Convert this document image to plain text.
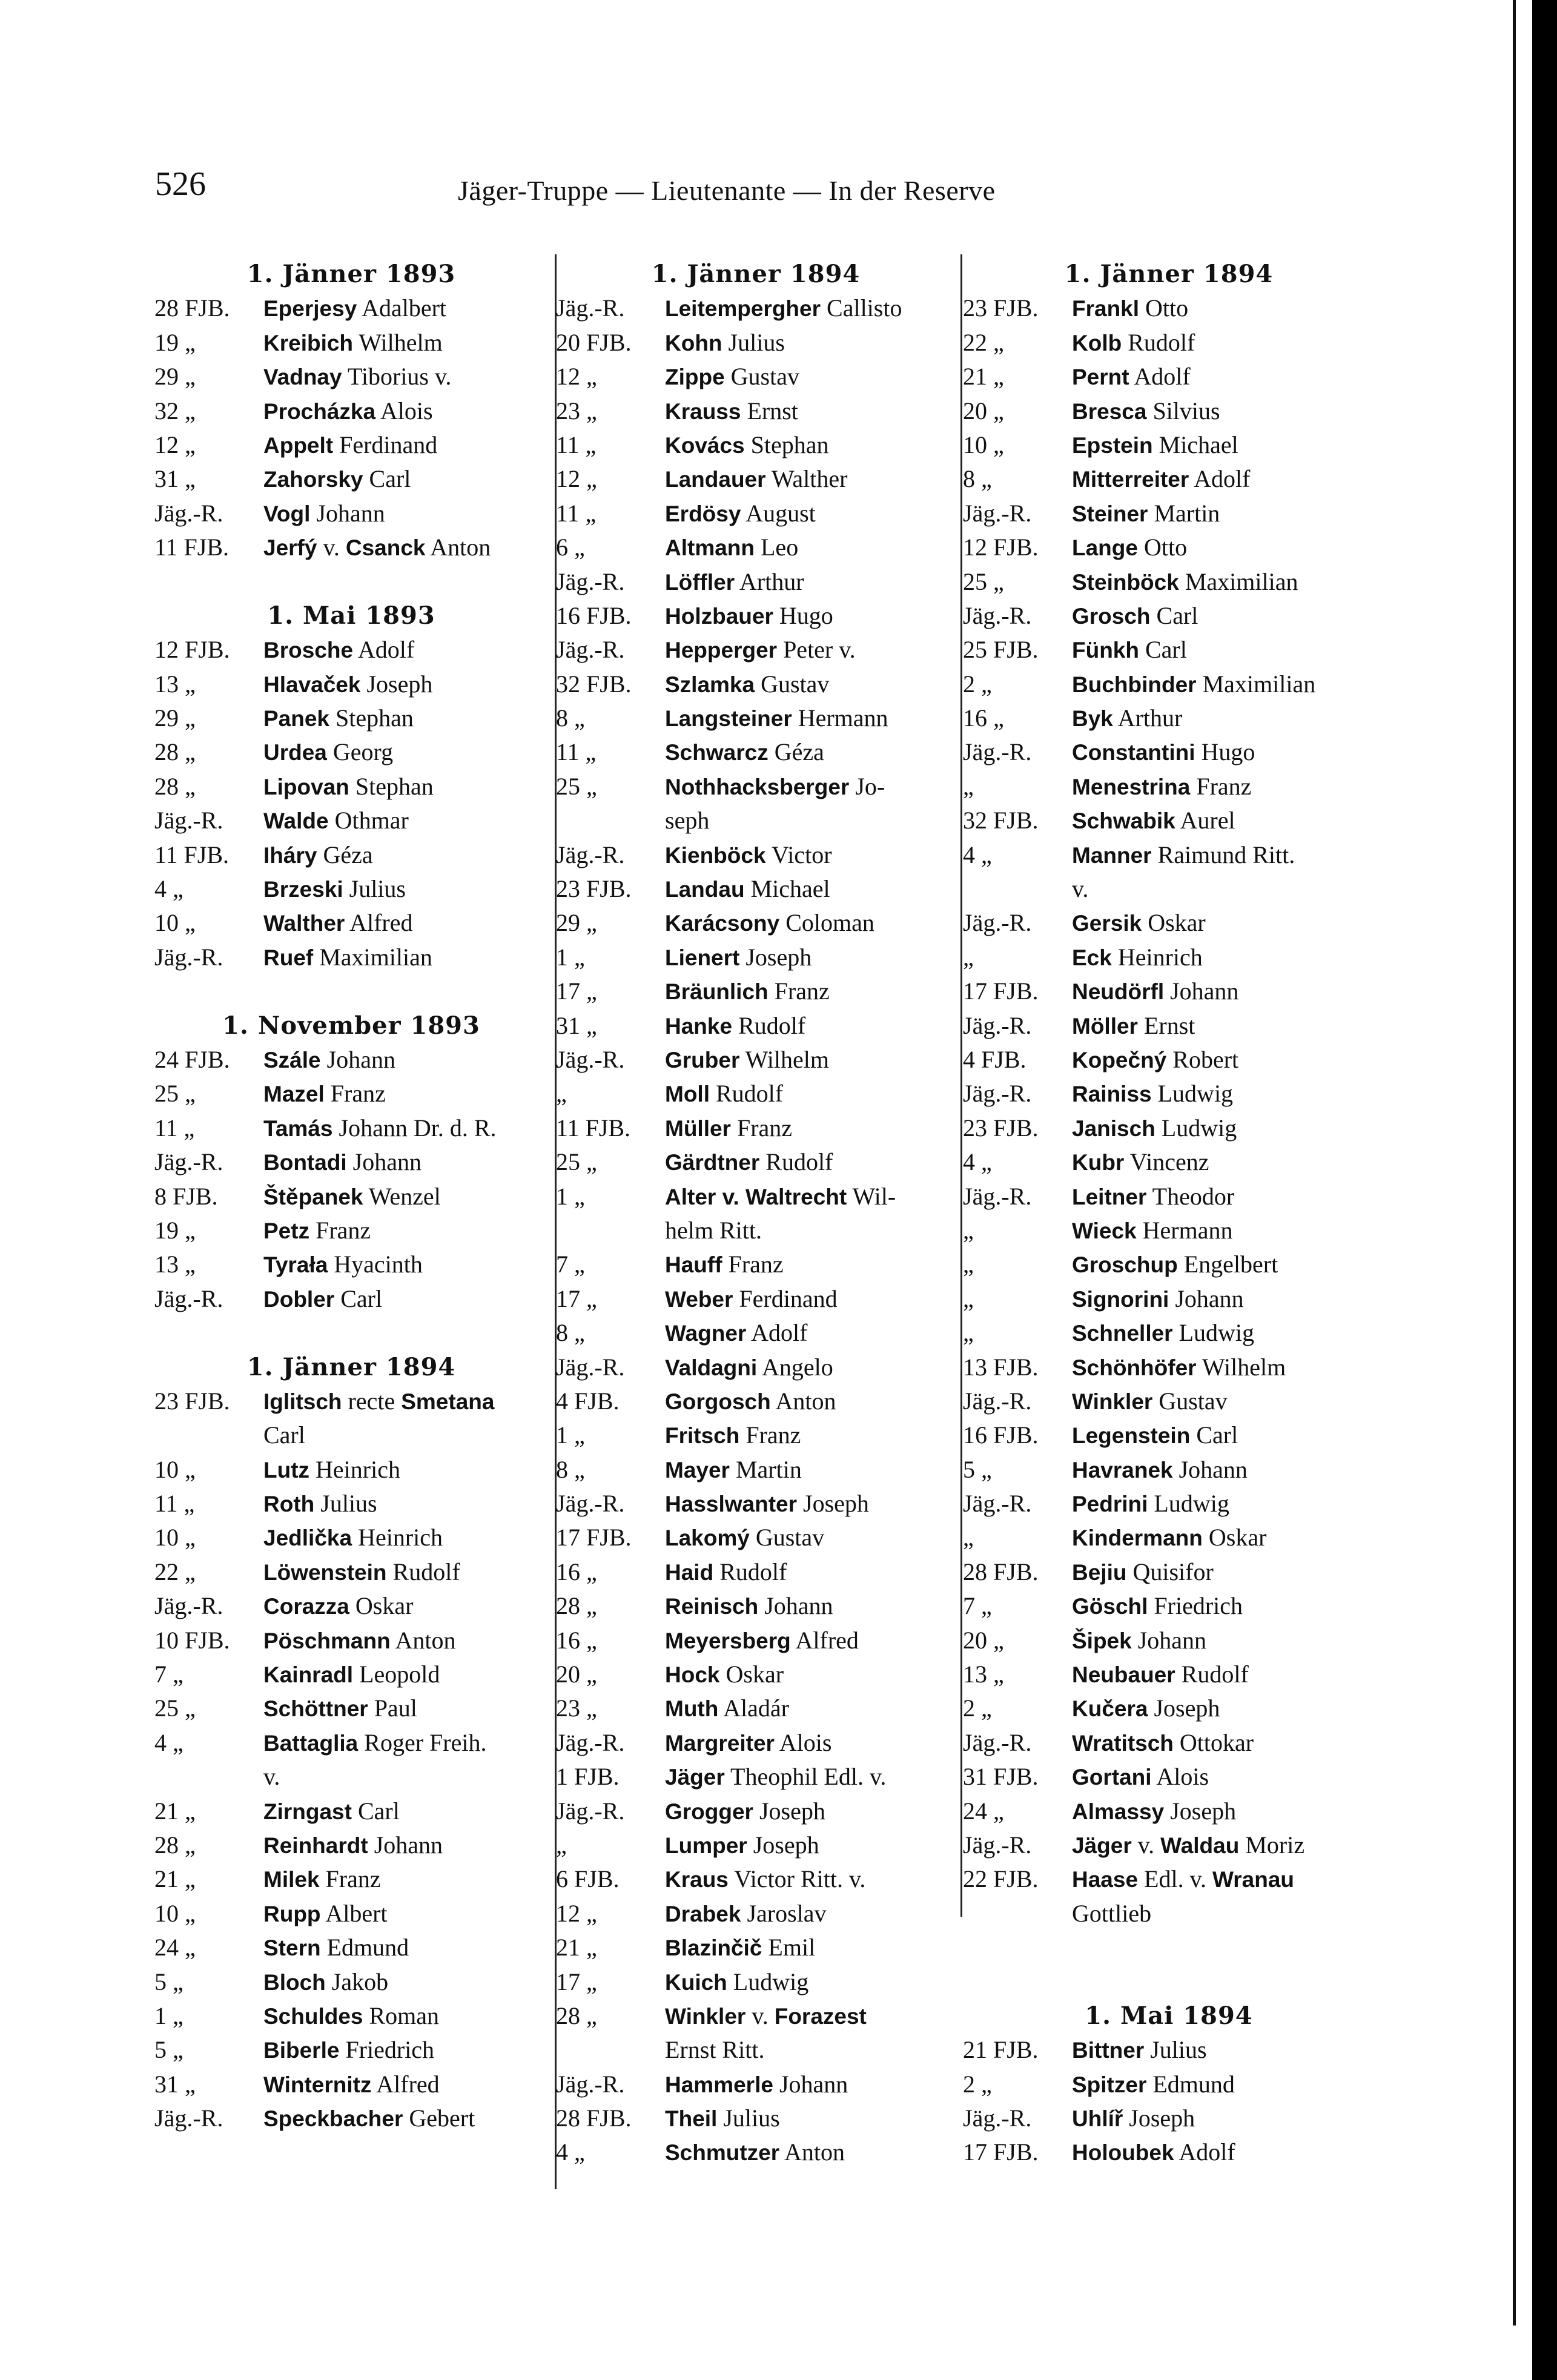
526	Jäger-Truppe — Lieutenante — In der Reserve
1. Jänner 1893
28 FJB.	Eperjesy Adalbert
19 „	Kreibich Wilhelm
29 „	Vadnay Tiborius v.
32 „	Procházka Alois
12 „	Appelt Ferdinand
31 „	Zahorsky Carl
Jäg.-R.	Vogl Johann
11 FJB.	Jerfý v. Csanck Anton
1. Mai 1893
12 FJB.	Brosche Adolf
13 „	Hlavaček Joseph
29 „	Panek Stephan
28 „	Urdea Georg
28 „	Lipovan Stephan
Jäg.-R.	Walde Othmar
11 FJB.	Iháry Géza
4 „	Brzeski Julius
10 „	Walther Alfred
Jäg.-R.	Ruef Maximilian
1. November 1893
24 FJB.	Szále Johann
25 „	Mazel Franz
11 „	Tamás Johann Dr. d. R.
Jäg.-R.	Bontadi Johann
8 FJB.	Štěpanek Wenzel
19 „	Petz Franz
13 „	Tyrała Hyacinth
Jäg.-R.	Dobler Carl
1. Jänner 1894
23 FJB.	Iglitsch recte Smetana
Carl
10 „	Lutz Heinrich
11 „	Roth Julius
10 „	Jedlička Heinrich
22 „	Löwenstein Rudolf
Jäg.-R.	Corazza Oskar
10 FJB.	Pöschmann Anton
7 „	Kainradl Leopold
25 „	Schöttner Paul
4 „	Battaglia Roger Freih.
v.
21 „	Zirngast Carl
28 „	Reinhardt Johann
21 „	Milek Franz
10 „	Rupp Albert
24 „	Stern Edmund
5 „	Bloch Jakob
1 „	Schuldes Roman
5 „	Biberle Friedrich
31 „	Winternitz Alfred
Jäg.-R.	Speckbacher Gebert
1. Jänner 1894
Jäg.-R.	Leitempergher Callisto
20 FJB.	Kohn Julius
12 „	Zippe Gustav
23 „	Krauss Ernst
11 „	Kovács Stephan
12 „	Landauer Walther
11 „	Erdösy August
6 „	Altmann Leo
Jäg.-R.	Löffler Arthur
16 FJB.	Holzbauer Hugo
Jäg.-R.	Hepperger Peter v.
32 FJB.	Szlamka Gustav
8 „	Langsteiner Hermann
11 „	Schwarcz Géza
25 „	Nothhacksberger Jo-
seph
Jäg.-R.	Kienböck Victor
23 FJB.	Landau Michael
29 „	Karácsony Coloman
1 „	Lienert Joseph
17 „	Bräunlich Franz
31 „	Hanke Rudolf
Jäg.-R.	Gruber Wilhelm
„	Moll Rudolf
11 FJB.	Müller Franz
25 „	Gärdtner Rudolf
1 „	Alter v. Waltrecht Wil-
helm Ritt.
7 „	Hauff Franz
17 „	Weber Ferdinand
8 „	Wagner Adolf
Jäg.-R.	Valdagni Angelo
4 FJB.	Gorgosch Anton
1 „	Fritsch Franz
8 „	Mayer Martin
Jäg.-R.	Hasslwanter Joseph
17 FJB.	Lakomý Gustav
16 „	Haid Rudolf
28 „	Reinisch Johann
16 „	Meyersberg Alfred
20 „	Hock Oskar
23 „	Muth Aladár
Jäg.-R.	Margreiter Alois
1 FJB.	Jäger Theophil Edl. v.
Jäg.-R.	Grogger Joseph
„	Lumper Joseph
6 FJB.	Kraus Victor Ritt. v.
12 „	Drabek Jaroslav
21 „	Blazinčič Emil
17 „	Kuich Ludwig
28 „	Winkler v. Forazest
Ernst Ritt.
Jäg.-R.	Hammerle Johann
28 FJB.	Theil Julius
4 „	Schmutzer Anton
1. Jänner 1894
23 FJB.	Frankl Otto
22 „	Kolb Rudolf
21 „	Pernt Adolf
20 „	Bresca Silvius
10 „	Epstein Michael
8 „	Mitterreiter Adolf
Jäg.-R.	Steiner Martin
12 FJB.	Lange Otto
25 „	Steinböck Maximilian
Jäg.-R.	Grosch Carl
25 FJB.	Fünkh Carl
2 „	Buchbinder Maximilian
16 „	Byk Arthur
Jäg.-R.	Constantini Hugo
„	Menestrina Franz
32 FJB.	Schwabik Aurel
4 „	Manner Raimund Ritt.
v.
Jäg.-R.	Gersik Oskar
„	Eck Heinrich
17 FJB.	Neudörfl Johann
Jäg.-R.	Möller Ernst
4 FJB.	Kopečný Robert
Jäg.-R.	Rainiss Ludwig
23 FJB.	Janisch Ludwig
4 „	Kubr Vincenz
Jäg.-R.	Leitner Theodor
„	Wieck Hermann
„	Groschup Engelbert
„	Signorini Johann
„	Schneller Ludwig
13 FJB.	Schönhöfer Wilhelm
Jäg.-R.	Winkler Gustav
16 FJB.	Legenstein Carl
5 „	Havranek Johann
Jäg.-R.	Pedrini Ludwig
„	Kindermann Oskar
28 FJB.	Bejiu Quisifor
7 „	Göschl Friedrich
20 „	Šipek Johann
13 „	Neubauer Rudolf
2 „	Kučera Joseph
Jäg.-R.	Wratitsch Ottokar
31 FJB.	Gortani Alois
24 „	Almassy Joseph
Jäg.-R.	Jäger v. Waldau Moriz
22 FJB.	Haase Edl. v. Wranau
Gottlieb
1. Mai 1894
21 FJB.	Bittner Julius
2 „	Spitzer Edmund
Jäg.-R.	Uhlíř Joseph
17 FJB.	Holoubek Adolf
